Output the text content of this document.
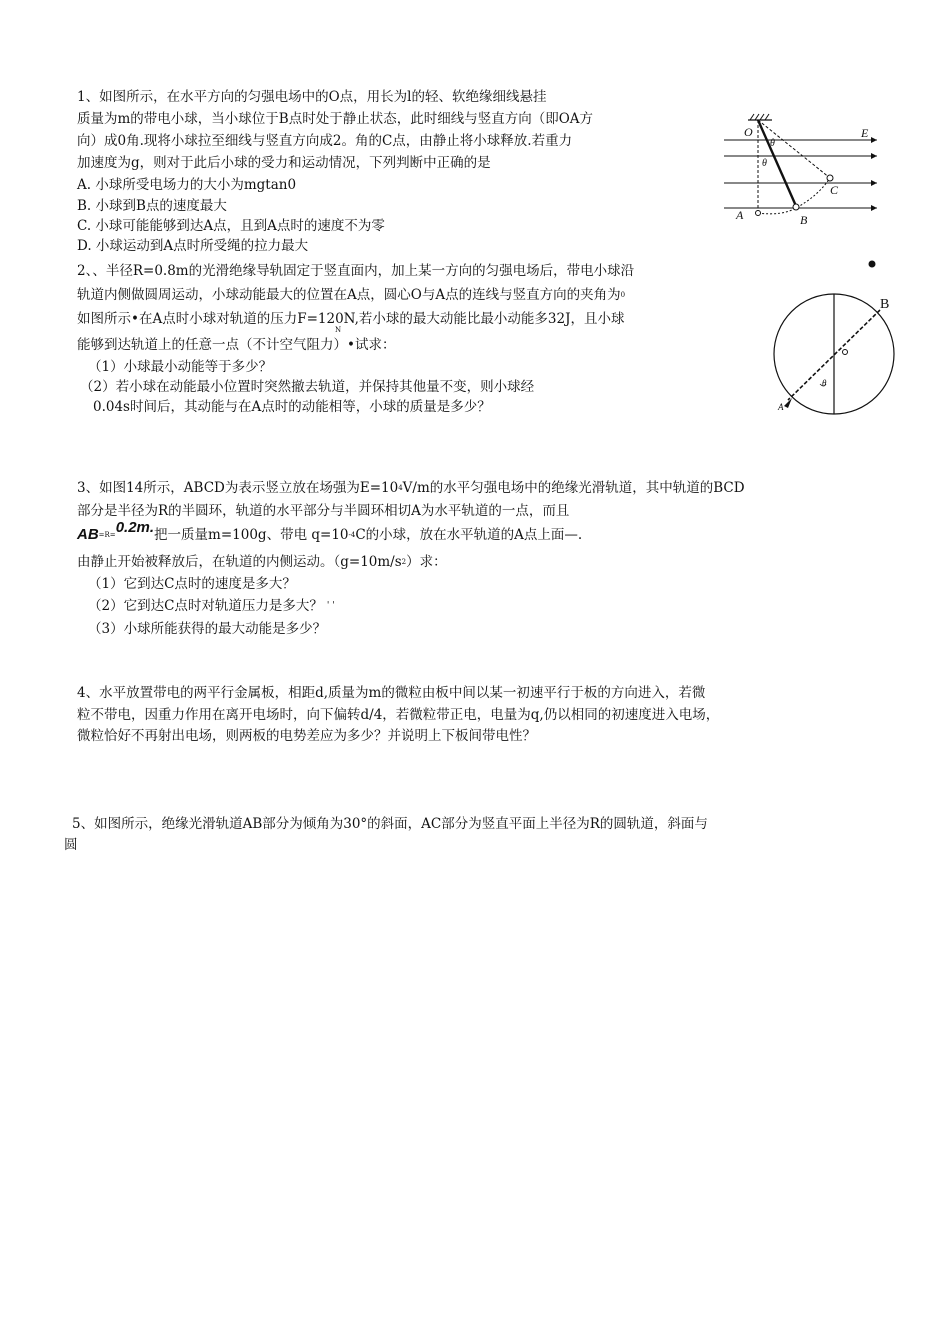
1、如图所示，在水平方向的匀强电场中的O点，用长为l的轻、软绝缘细线悬挂
质量为m的带电小球，当小球位于B点时处于静止状态，此时细线与竖直方向（即OA方
向）成0角.现将小球拉至细线与竖直方向成2。角的C点，由静止将小球释放.若重力
加速度为g，则对于此后小球的受力和运动情况，下列判断中正确的是
A. 小球所受电场力的大小为mgtan0
B. 小球到B点的速度最大
C. 小球可能能够到达A点，且到A点时的速度不为零
D. 小球运动到A点时所受绳的拉力最大
O
A	B
C
E
θ
θ
2、、半径R=0.8m的光滑绝缘导轨固定于竖直面内，加上某一方向的匀强电场后，带电小球沿
轨道内侧做圆周运动，小球动能最大的位置在A点，圆心O与A点的连线与竖直方向的夹角为$^0$
如图所示•在A点时小球对轨道的压力F=120N,若小球的最大动能比最小动能多32J，且小球
N
能够到达轨道上的任意一点（不计空气阻力）•试求：
（1）小球最小动能等于多少？
（2）若小球在动能最小位置时突然撤去轨道，并保持其他量不变，则小球经
0.04s时间后，其动能与在A点时的动能相等，小球的质量是多少？
B
A
θ
3、如图14所示，ABCD为表示竖立放在场强为$E=10^4V/m$的水平匀强电场中的绝缘光滑轨道，其中轨道的BCD
部分是半径为R的半圆环，轨道的水平部分与半圆环相切A为水平轨道的一点，而且
$AB^{=R=}0.2m$.把一质量m=100g、带电 $q=10^{-4}C$的小球，放在水平轨道的A点上面—.
由静止开始被释放后，在轨道的内侧运动。$(g=10m/s^2)$求：
（1）它到达C点时的速度是多大？
（2）它到达C点时对轨道压力是多大？ ' '
（3）小球所能获得的最大动能是多少？
4、水平放置带电的两平行金属板，相距d,质量为m的微粒由板中间以某一初速平行于板的方向进入，若微
粒不带电，因重力作用在离开电场时，向下偏转d/4，若微粒带正电，电量为q,仍以相同的初速度进入电场，
微粒恰好不再射出电场，则两板的电势差应为多少？并说明上下板间带电性？
5、如图所示，绝缘光滑轨道AB部分为倾角为30°的斜面，AC部分为竖直平面上半径为R的圆轨道，斜面与
圆
